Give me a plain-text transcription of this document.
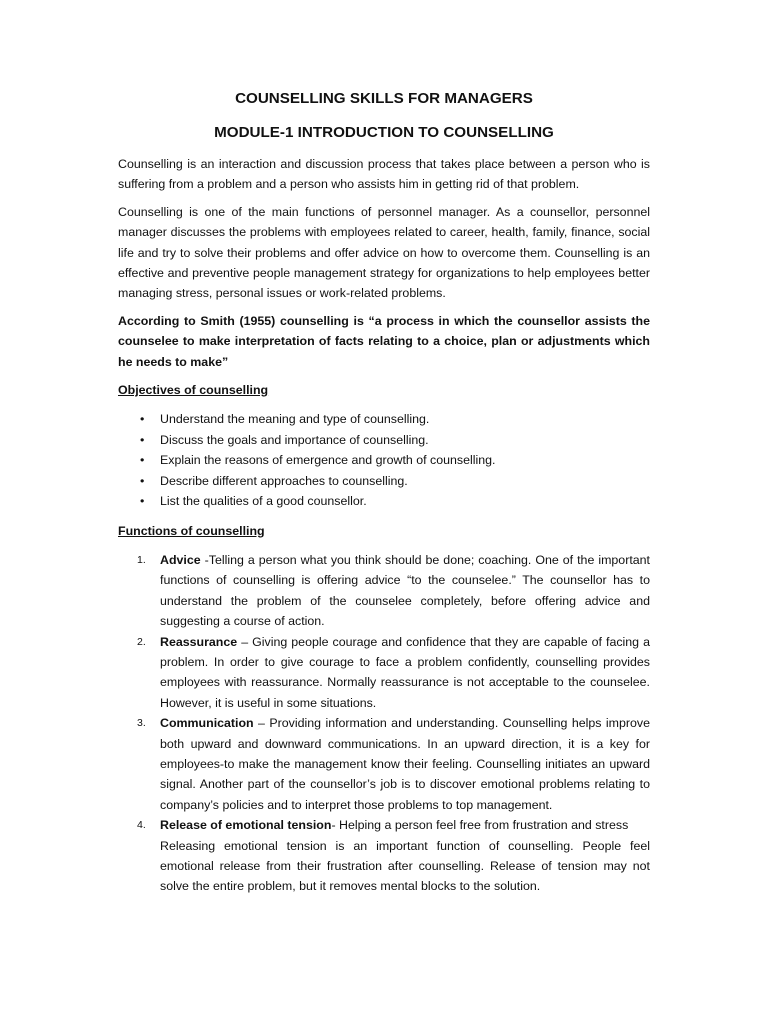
COUNSELLING SKILLS FOR MANAGERS
MODULE-1 INTRODUCTION TO COUNSELLING

Counselling is an interaction and discussion process that takes place between a person who is suffering from a problem and a person who assists him in getting rid of that problem.

Counselling is one of the main functions of personnel manager. As a counsellor, personnel manager discusses the problems with employees related to career, health, family, finance, social life and try to solve their problems and offer advice on how to overcome them. Counselling is an effective and preventive people management strategy for organizations to help employees better managing stress, personal issues or work-related problems.

According to Smith (1955) counselling is “a process in which the counsellor assists the counselee to make interpretation of facts relating to a choice, plan or adjustments which he needs to make”

Objectives of counselling
• Understand the meaning and type of counselling.
• Discuss the goals and importance of counselling.
• Explain the reasons of emergence and growth of counselling.
• Describe different approaches to counselling.
• List the qualities of a good counsellor.
Functions of counselling
1. Advice -Telling a person what you think should be done; coaching. One of the important functions of counselling is offering advice “to the counselee.” The counsellor has to understand the problem of the counselee completely, before offering advice and suggesting a course of action.
2. Reassurance – Giving people courage and confidence that they are capable of facing a problem. In order to give courage to face a problem confidently, counselling provides employees with reassurance. Normally reassurance is not acceptable to the counselee. However, it is useful in some situations.
3. Communication – Providing information and understanding. Counselling helps improve both upward and downward communications. In an upward direction, it is a key for employees-to make the management know their feeling. Counselling initiates an upward signal. Another part of the counsellor’s job is to discover emotional problems relating to company’s policies and to interpret those problems to top management.
4. Release of emotional tension- Helping a person feel free from frustration and stress
Releasing emotional tension is an important function of counselling. People feel emotional release from their frustration after counselling. Release of tension may not solve the entire problem, but it removes mental blocks to the solution.
